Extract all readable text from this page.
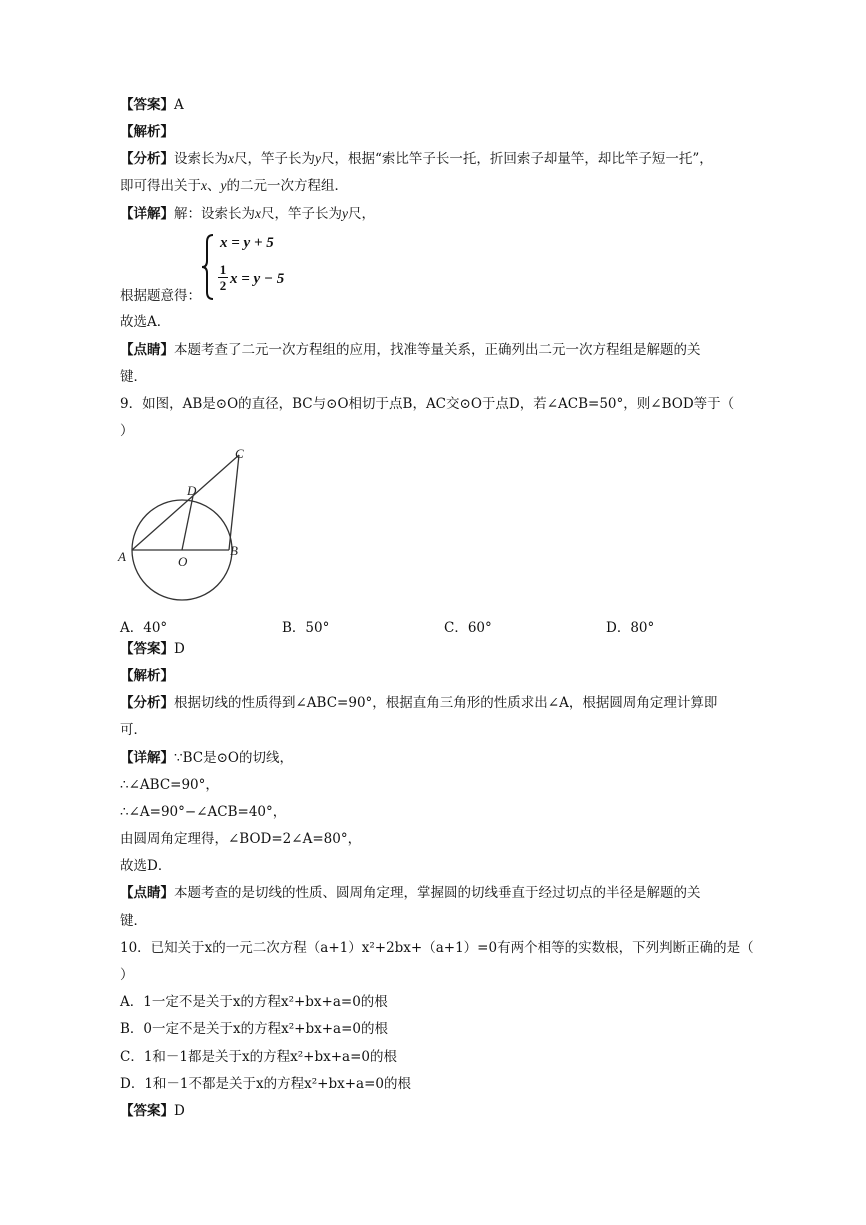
【答案】A
【解析】
【分析】设索长为x尺，竿子长为y尺，根据“索比竿子长一托，折回索子却量竿，却比竿子短一托”，
即可得出关于x、y的二元一次方程组．
【详解】解：设索长为x尺，竿子长为y尺，
x = y + 5
1
2 x = y − 5
根据题意得：
故选A．
【点睛】本题考查了二元一次方程组的应用，找准等量关系，正确列出二元一次方程组是解题的关
键．
9．如图，AB是⊙O的直径，BC与⊙O相切于点B，AC交⊙O于点D，若∠ACB=50°，则∠BOD等于（
）
A	B
C
D
O
A．40°	B．50°	C．60°	D．80°
【答案】D
【解析】
【分析】根据切线的性质得到∠ABC=90°，根据直角三角形的性质求出∠A，根据圆周角定理计算即
可．
【详解】∵BC是⊙O的切线，
∴∠ABC=90°，
∴∠A=90°−∠ACB=40°，
由圆周角定理得，∠BOD=2∠A=80°，
故选D．
【点睛】本题考查的是切线的性质、圆周角定理，掌握圆的切线垂直于经过切点的半径是解题的关
键．
10．已知关于x的一元二次方程（a+1）x²+2bx+（a+1）=0有两个相等的实数根，下列判断正确的是（
）
A．1一定不是关于x的方程x²+bx+a=0的根
B．0一定不是关于x的方程x²+bx+a=0的根
C．1和－1都是关于x的方程x²+bx+a=0的根
D．1和－1不都是关于x的方程x²+bx+a=0的根
【答案】D
